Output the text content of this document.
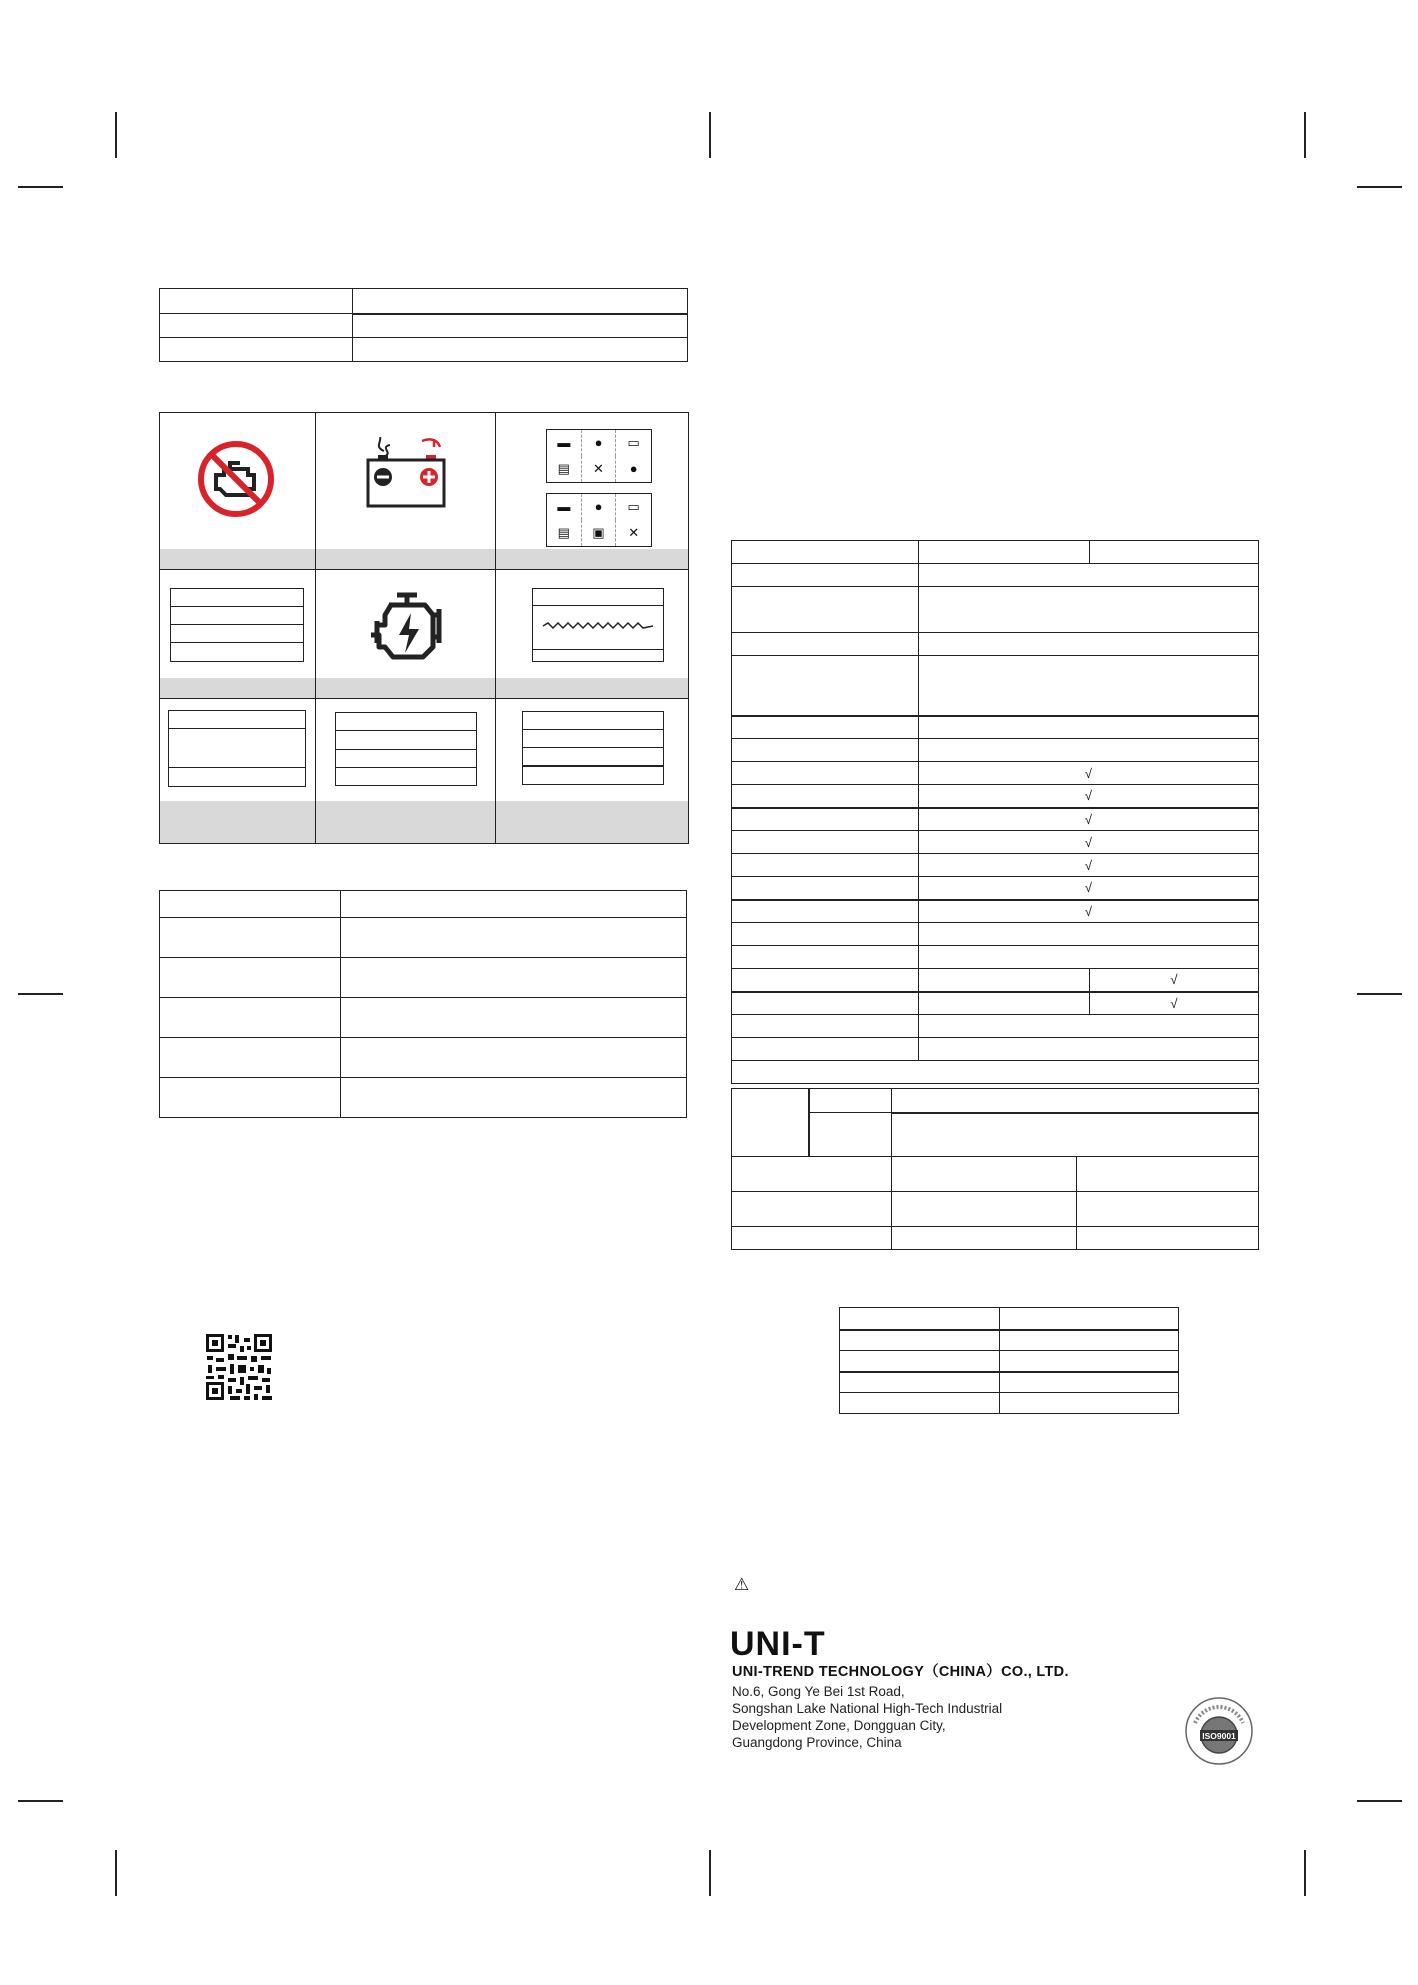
▬	●	▭
▤	✕	●
▬	●	▭
▤	▣	✕

	√	
	√	
	√	
	√	
	√	
	√	
	√	

		√
		√

⚠
UNI-T
UNI-TREND TECHNOLOGY（CHINA）CO., LTD.
No.6, Gong Ye Bei 1st Road,
Songshan Lake National High-Tech Industrial
Development Zone, Dongguan City,
Guangdong Province, China	ISO9001
